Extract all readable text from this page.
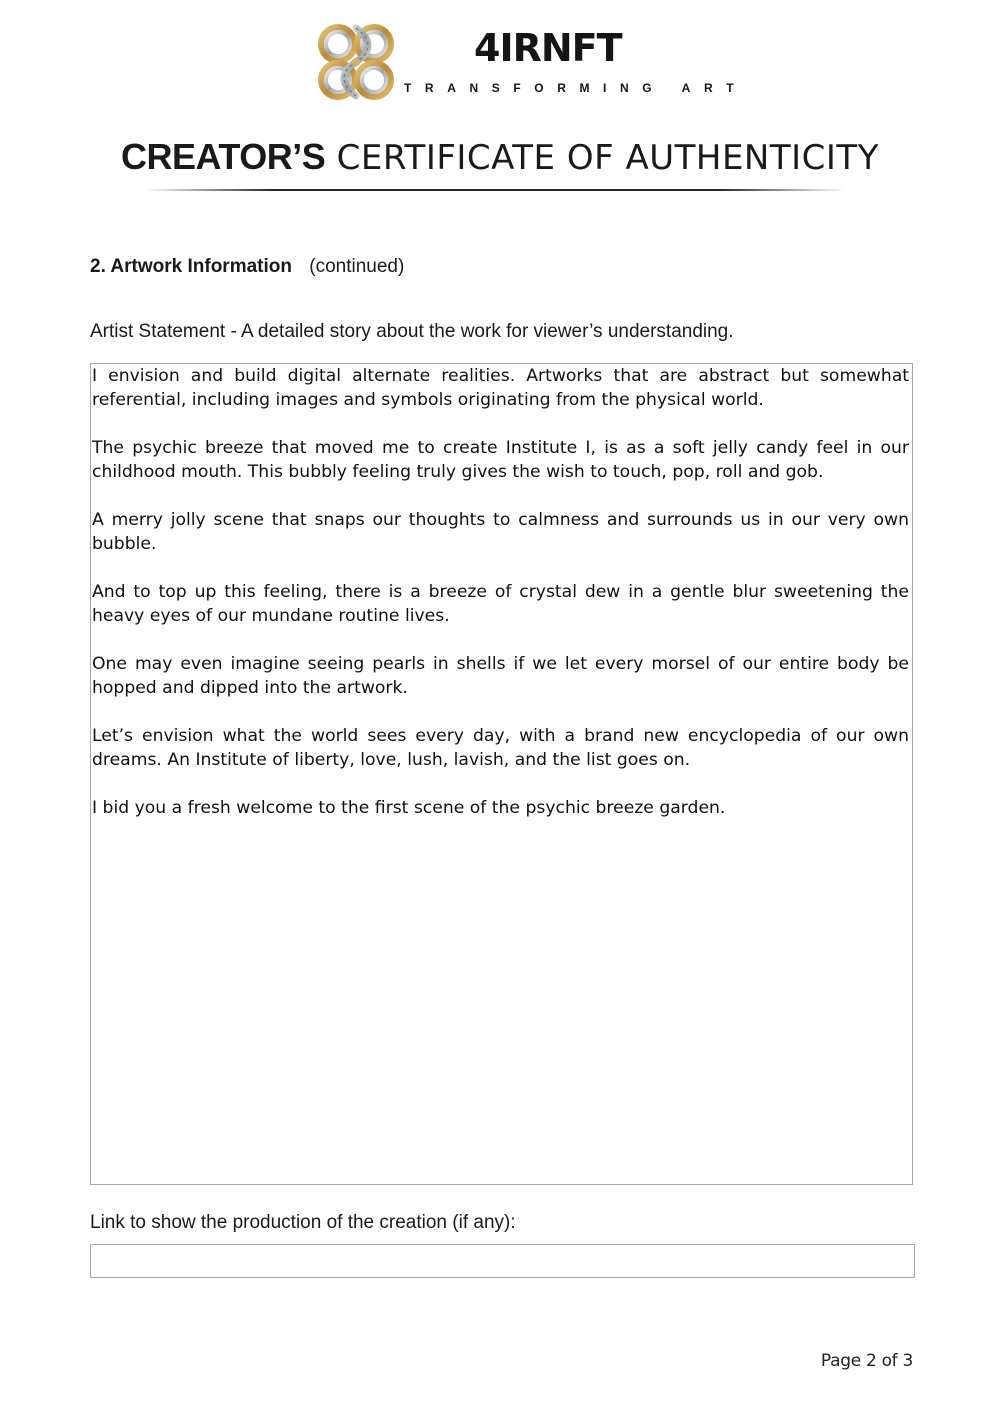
4IRNFT
TRANSFORMING ART
CREATOR’S CERTIFICATE OF AUTHENTICITY
2. Artwork Information (continued)
Artist Statement - A detailed story about the work for viewer’s understanding.

I envision and build digital alternate realities. Artworks that are abstract but somewhat referential, including images and symbols originating from the physical world.

The psychic breeze that moved me to create Institute I, is as a soft jelly candy feel in our childhood mouth. This bubbly feeling truly gives the wish to touch, pop, roll and gob.

A merry jolly scene that snaps our thoughts to calmness and surrounds us in our very own bubble.

And to top up this feeling, there is a breeze of crystal dew in a gentle blur sweetening the heavy eyes of our mundane routine lives.

One may even imagine seeing pearls in shells if we let every morsel of our entire body be hopped and dipped into the artwork.

Let’s envision what the world sees every day, with a brand new encyclopedia of our own dreams. An Institute of liberty, love, lush, lavish, and the list goes on.

I bid you a fresh welcome to the first scene of the psychic breeze garden.

Link to show the production of the creation (if any):
Page 2 of 3
